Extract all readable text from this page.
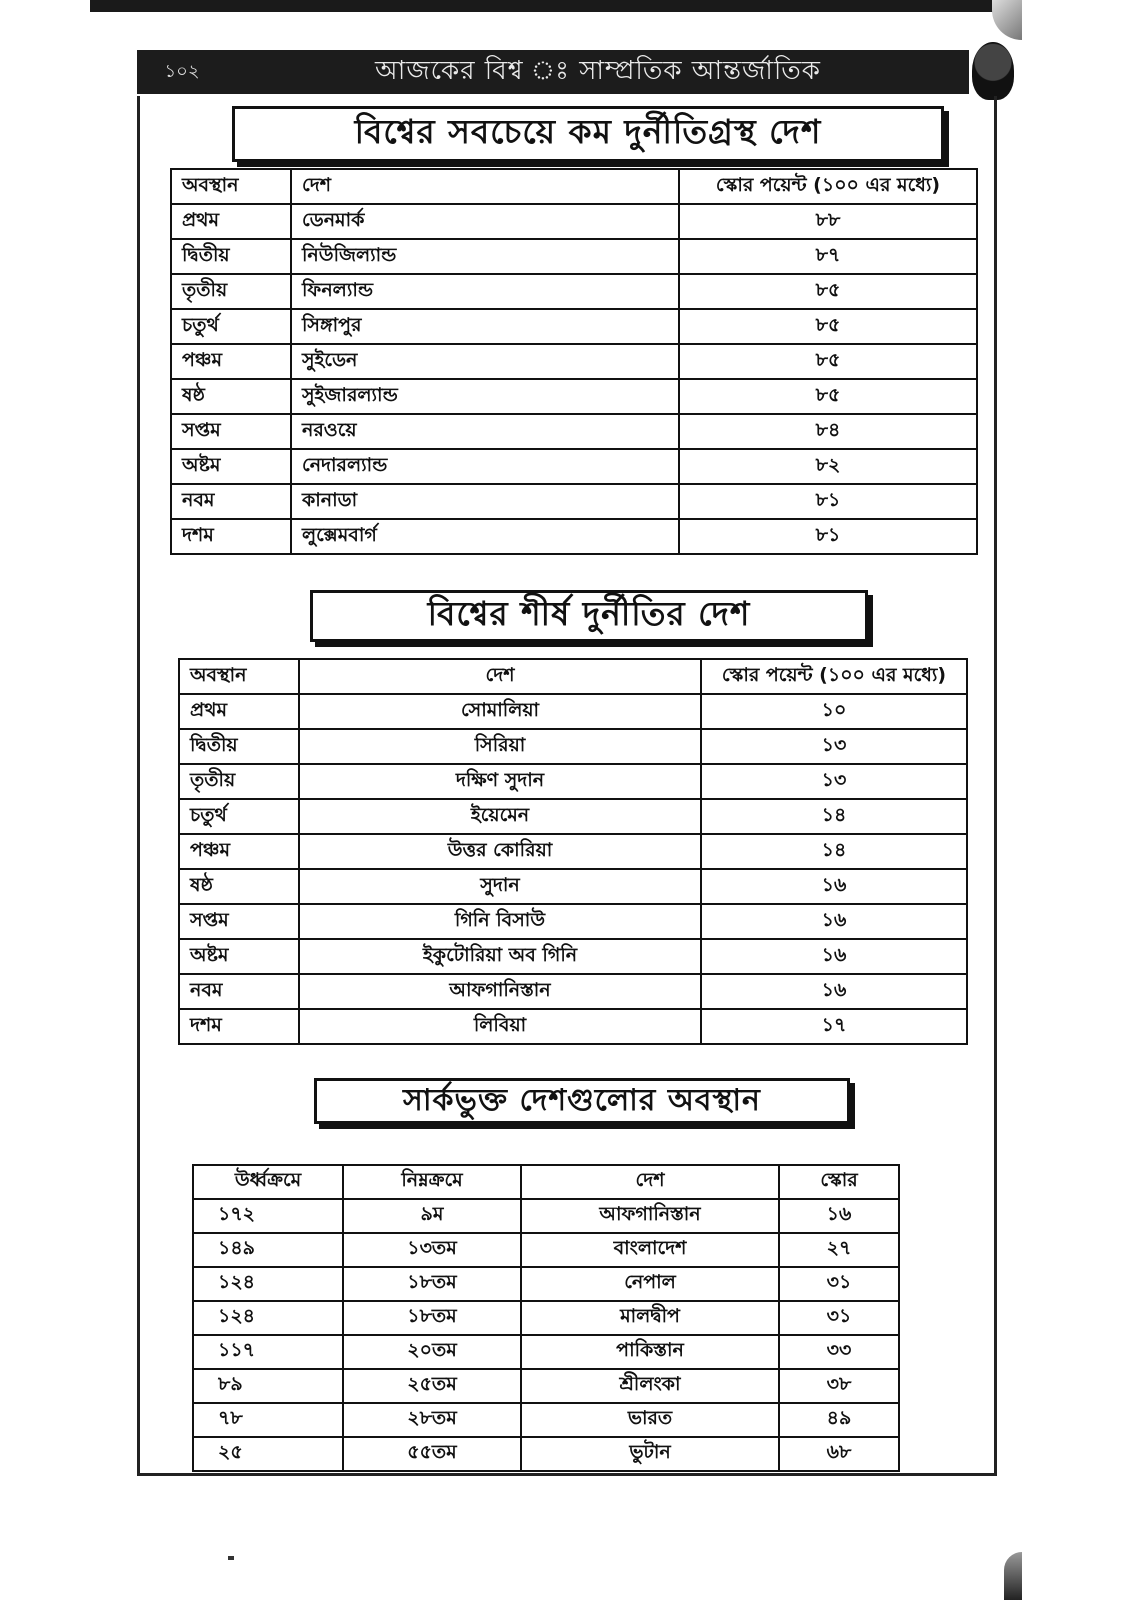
১০২	আজকের বিশ্ব ঃ সাম্প্রতিক আন্তর্জাতিক
বিশ্বের সবচেয়ে কম দুর্নীতিগ্রস্থ দেশ
অবস্থান	দেশ	স্কোর পয়েন্ট (১০০ এর মধ্যে)
প্রথম	ডেনমার্ক	৮৮
দ্বিতীয়	নিউজিল্যান্ড	৮৭
তৃতীয়	ফিনল্যান্ড	৮৫
চতুর্থ	সিঙ্গাপুর	৮৫
পঞ্চম	সুইডেন	৮৫
ষষ্ঠ	সুইজারল্যান্ড	৮৫
সপ্তম	নরওয়ে	৮৪
অষ্টম	নেদারল্যান্ড	৮২
নবম	কানাডা	৮১
দশম	লুক্সেমবার্গ	৮১
বিশ্বের শীর্ষ দুর্নীতির দেশ
অবস্থান	দেশ	স্কোর পয়েন্ট (১০০ এর মধ্যে)
প্রথম	সোমালিয়া	১০
দ্বিতীয়	সিরিয়া	১৩
তৃতীয়	দক্ষিণ সুদান	১৩
চতুর্থ	ইয়েমেন	১৪
পঞ্চম	উত্তর কোরিয়া	১৪
ষষ্ঠ	সুদান	১৬
সপ্তম	গিনি বিসাউ	১৬
অষ্টম	ইকুটোরিয়া অব গিনি	১৬
নবম	আফগানিস্তান	১৬
দশম	লিবিয়া	১৭
সার্কভুক্ত দেশগুলোর অবস্থান
উর্ধ্বক্রমে	নিম্নক্রমে	দেশ	স্কোর
১৭২	৯ম	আফগানিস্তান	১৬
১৪৯	১৩তম	বাংলাদেশ	২৭
১২৪	১৮তম	নেপাল	৩১
১২৪	১৮তম	মালদ্বীপ	৩১
১১৭	২০তম	পাকিস্তান	৩৩
৮৯	২৫তম	শ্রীলংকা	৩৮
৭৮	২৮তম	ভারত	৪৯
২৫	৫৫তম	ভুটান	৬৮
